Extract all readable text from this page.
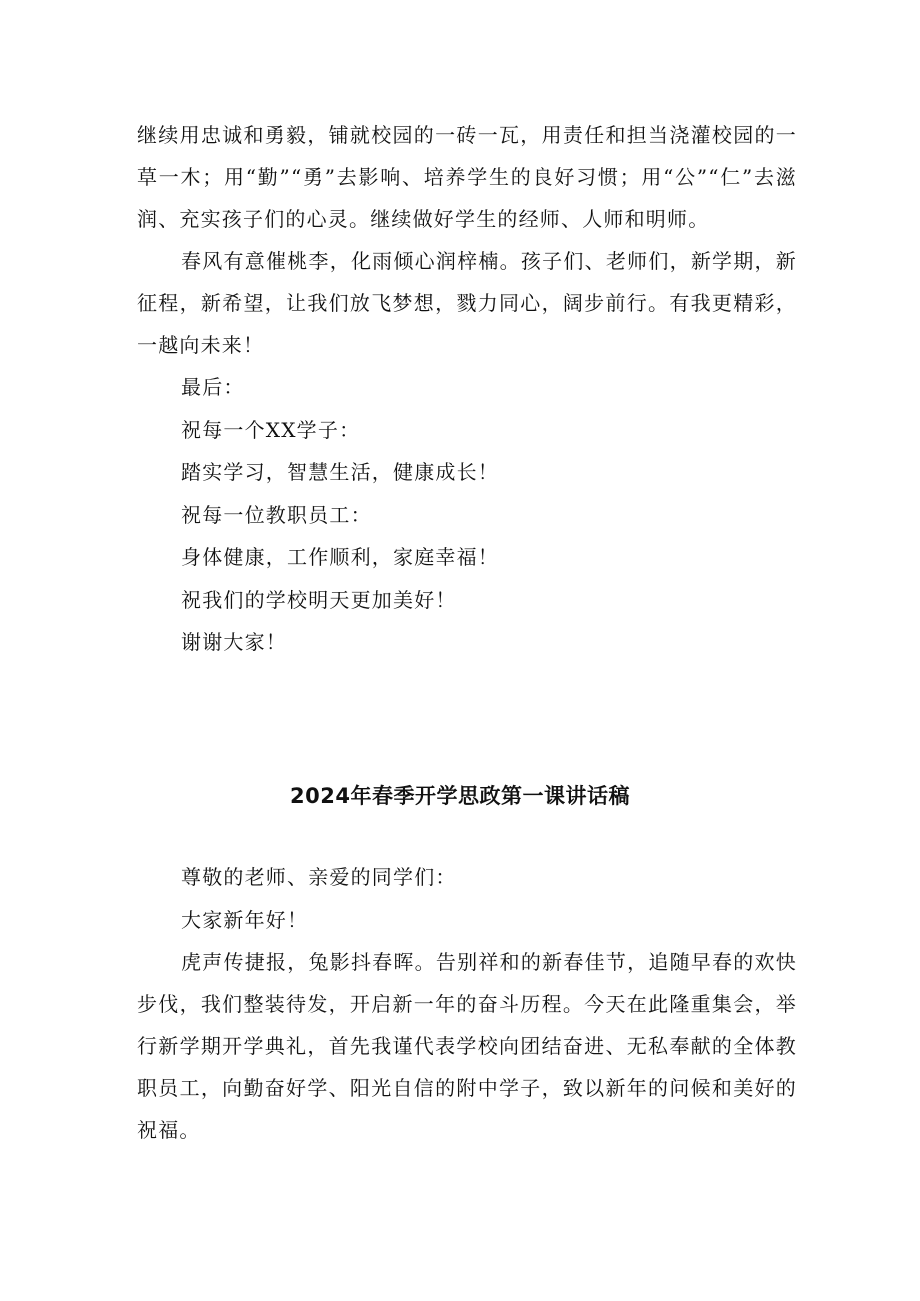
继续用忠诚和勇毅，铺就校园的一砖一瓦，用责任和担当浇灌校园的一草一木；用“勤”“勇”去影响、培养学生的良好习惯；用“公”“仁”去滋润、充实孩子们的心灵。继续做好学生的经师、人师和明师。

春风有意催桃李，化雨倾心润梓楠。孩子们、老师们，新学期，新征程，新希望，让我们放飞梦想，戮力同心，阔步前行。有我更精彩，一越向未来！

最后：

祝每一个XX学子：

踏实学习，智慧生活，健康成长！

祝每一位教职员工：

身体健康，工作顺利，家庭幸福！

祝我们的学校明天更加美好！

谢谢大家！

2024年春季开学思政第一课讲话稿

尊敬的老师、亲爱的同学们：

大家新年好！

虎声传捷报，兔影抖春晖。告别祥和的新春佳节，追随早春的欢快步伐，我们整装待发，开启新一年的奋斗历程。今天在此隆重集会，举行新学期开学典礼，首先我谨代表学校向团结奋进、无私奉献的全体教职员工，向勤奋好学、阳光自信的附中学子，致以新年的问候和美好的祝福。
